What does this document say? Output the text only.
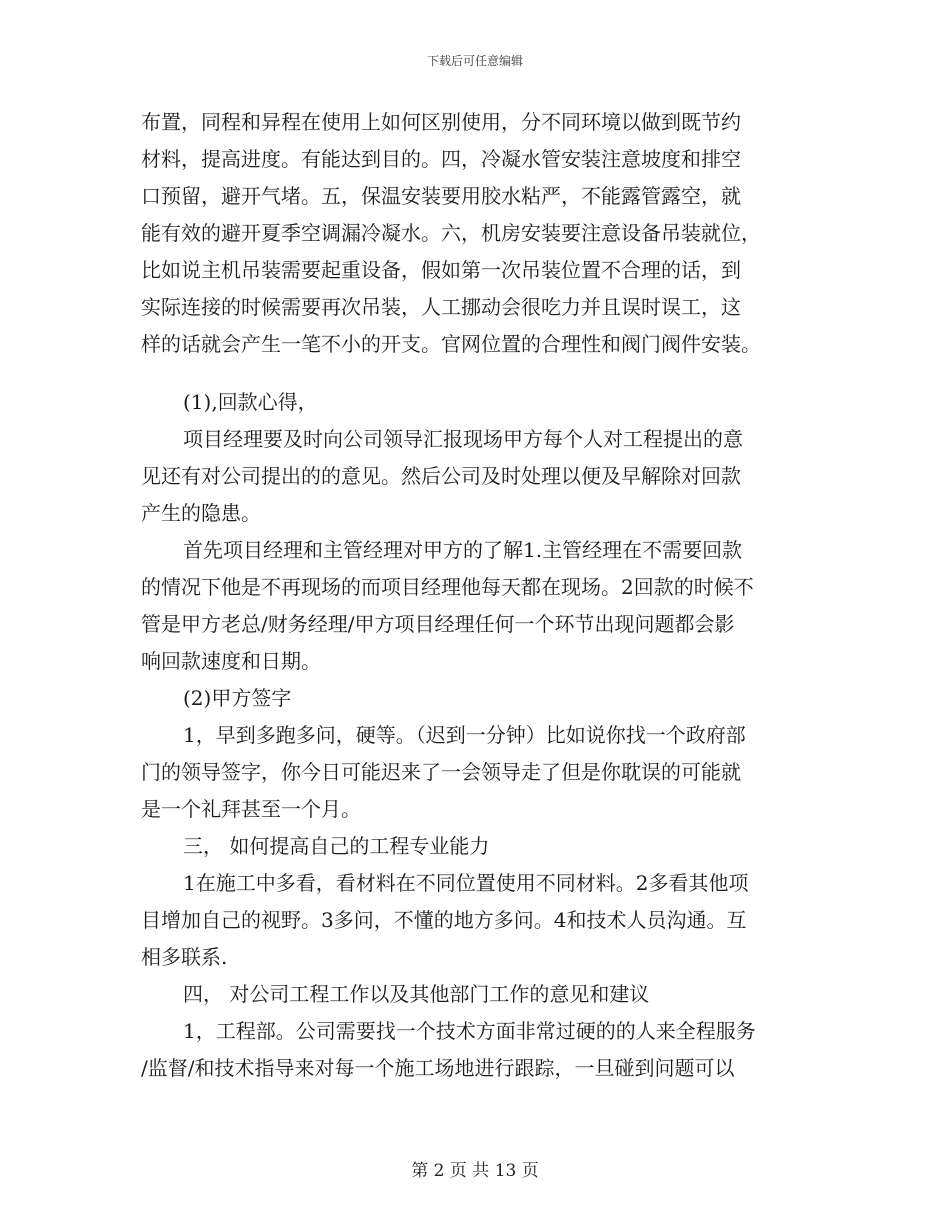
下载后可任意编辑
布置，同程和异程在使用上如何区别使用，分不同环境以做到既节约
材料，提高进度。有能达到目的。四，冷凝水管安装注意坡度和排空
口预留，避开气堵。五，保温安装要用胶水粘严，不能露管露空，就
能有效的避开夏季空调漏冷凝水。六，机房安装要注意设备吊装就位，
比如说主机吊装需要起重设备，假如第一次吊装位置不合理的话，到
实际连接的时候需要再次吊装，人工挪动会很吃力并且误时误工，这
样的话就会产生一笔不小的开支。官网位置的合理性和阀门阀件安装。
(1),回款心得，
项目经理要及时向公司领导汇报现场甲方每个人对工程提出的意
见还有对公司提出的的意见。然后公司及时处理以便及早解除对回款
产生的隐患。
首先项目经理和主管经理对甲方的了解1.主管经理在不需要回款
的情况下他是不再现场的而项目经理他每天都在现场。2回款的时候不
管是甲方老总/财务经理/甲方项目经理任何一个环节出现问题都会影
响回款速度和日期。
(2)甲方签字
1，早到多跑多问，硬等。（迟到一分钟）比如说你找一个政府部
门的领导签字，你今日可能迟来了一会领导走了但是你耽误的可能就
是一个礼拜甚至一个月。
三， 如何提高自己的工程专业能力
1在施工中多看，看材料在不同位置使用不同材料。2多看其他项
目增加自己的视野。3多问，不懂的地方多问。4和技术人员沟通。互
相多联系.
四， 对公司工程工作以及其他部门工作的意见和建议
1，工程部。公司需要找一个技术方面非常过硬的的人来全程服务
/监督/和技术指导来对每一个施工场地进行跟踪，一旦碰到问题可以
第 2 页 共 13 页
